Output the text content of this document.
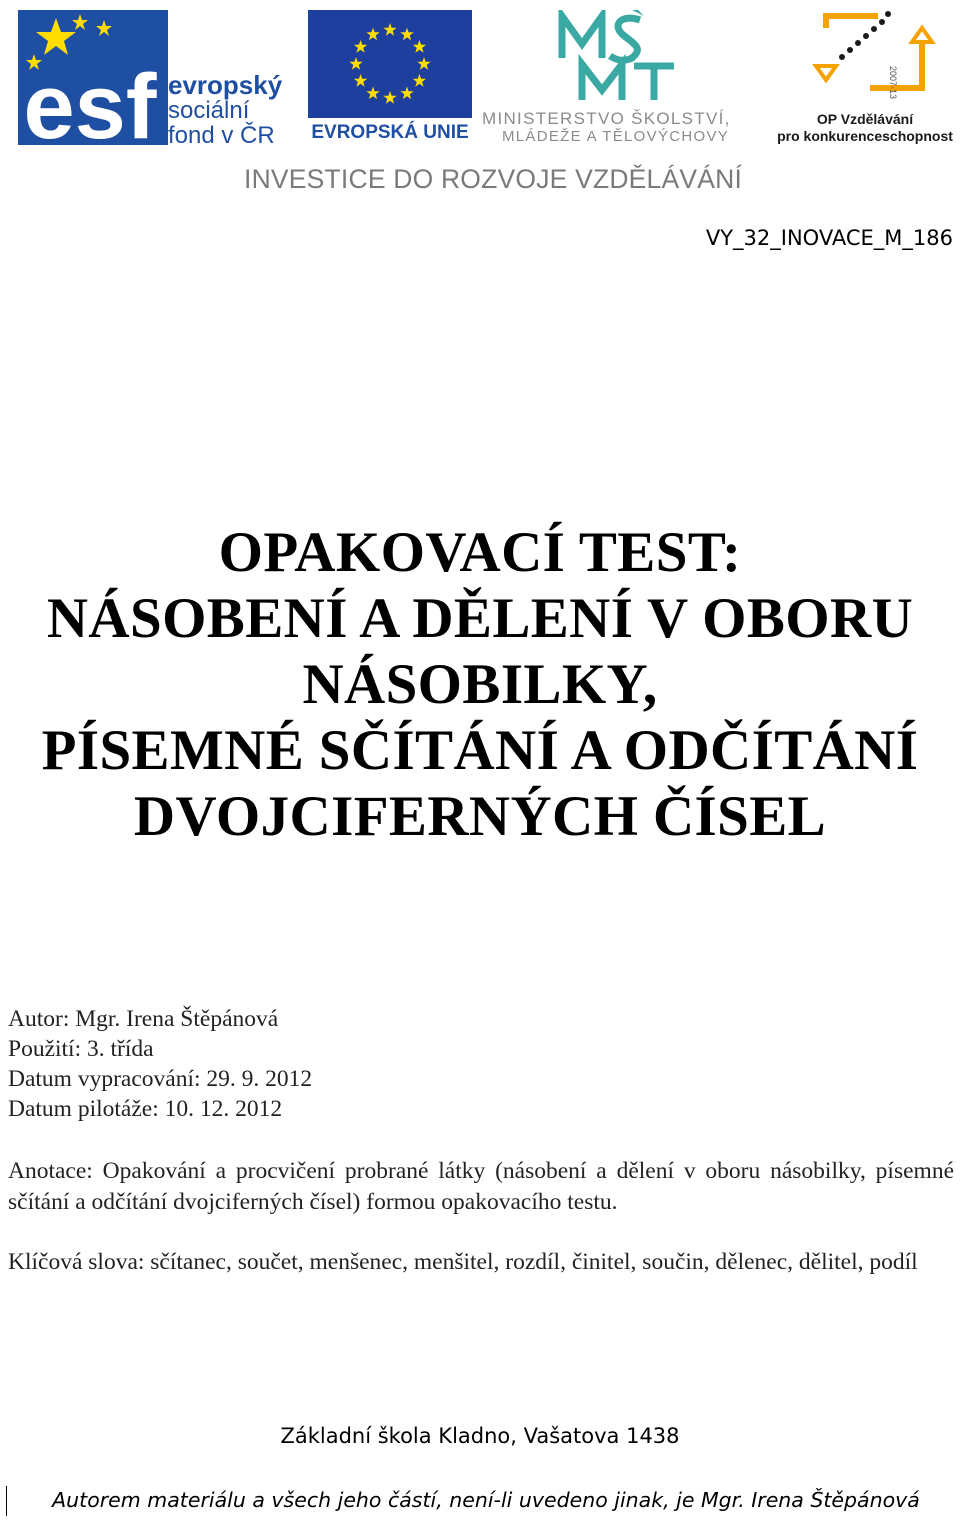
esf evropský
sociální
fond v ČR	EVROPSKÁ UNIE
MINISTERSTVO ŠKOLSTVÍ,
MLÁDEŽE A TĚLOVÝCHOVY
2007-13
OP Vzdělávání
pro konkurenceschopnost
INVESTICE DO ROZVOJE VZDĚLÁVÁNÍ
VY_32_INOVACE_M_186
OPAKOVACÍ TEST:
NÁSOBENÍ A DĚLENÍ V OBORU
NÁSOBILKY,
PÍSEMNÉ SČÍTÁNÍ A ODČÍTÁNÍ
DVOJCIFERNÝCH ČÍSEL
Autor: Mgr. Irena Štěpánová
Použití: 3. třída
Datum vypracování: 29. 9. 2012
Datum pilotáže: 10. 12. 2012
Anotace: Opakování a procvičení probrané látky (násobení a dělení v oboru násobilky, písemné sčítání a odčítání dvojciferných čísel) formou opakovacího testu.
Klíčová slova: sčítanec, součet, menšenec, menšitel, rozdíl, činitel, součin, dělenec, dělitel, podíl
Základní škola Kladno, Vašatova 1438
Autorem materiálu a všech jeho částí, není-li uvedeno jinak, je Mgr. Irena Štěpánová
